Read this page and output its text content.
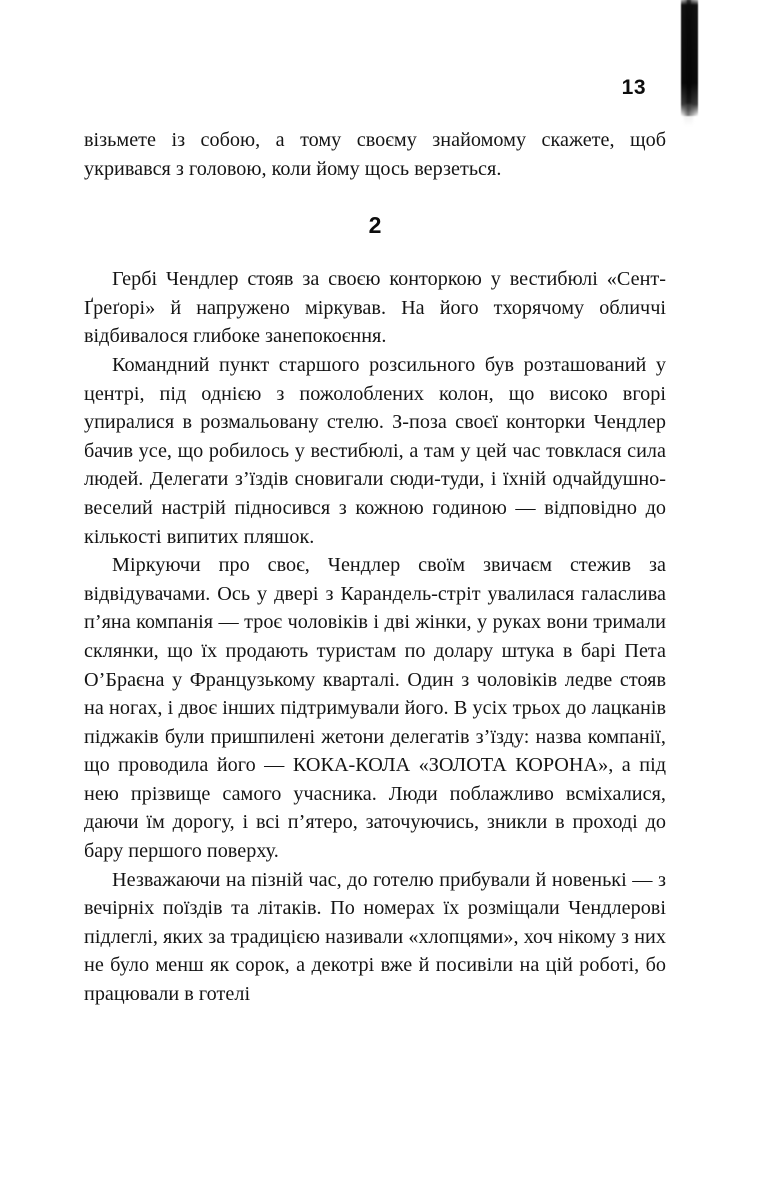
13

візьмете із собою, а тому своєму знайомому скажете, щоб укривався з головою, коли йому щось верзеться.

2

Гербі Чендлер стояв за своєю конторкою у вестибюлі «Сент-Ґреґорі» й напружено міркував. На його тхорячому обличчі відбивалося глибоке занепокоєння.

Командний пункт старшого розсильного був розташований у центрі, під однією з пожолоблених колон, що високо вгорі упиралися в розмальовану стелю. З-поза своєї конторки Чендлер бачив усе, що робилось у вестибюлі, а там у цей час товклася сила людей. Делегати з’їздів сновигали сюди-туди, і їхній одчайдушно-веселий настрій підносився з кожною годиною — відповідно до кількості випитих пляшок.

Міркуючи про своє, Чендлер своїм звичаєм стежив за відвідувачами. Ось у двері з Карандель-стріт увалилася галаслива п’яна компанія — троє чоловіків і дві жінки, у руках вони тримали склянки, що їх продають туристам по долару штука в барі Пета О’Браєна у Французькому кварталі. Один з чоловіків ледве стояв на ногах, і двоє інших підтримували його. В усіх трьох до лацканів піджаків були пришпилені жетони делегатів з’їзду: назва компанії, що проводила його — КОКА-КОЛА «ЗОЛОТА КОРОНА», а під нею прізвище самого учасника. Люди поблажливо всміхалися, даючи їм дорогу, і всі п’ятеро, заточуючись, зникли в проході до бару першого поверху.

Незважаючи на пізній час, до готелю прибували й новенькі — з вечірніх поїздів та літаків. По номерах їх розміщали Чендлерові підлеглі, яких за традицією називали «хлопцями», хоч нікому з них не було менш як сорок, а декотрі вже й посивіли на цій роботі, бо працювали в готелі
